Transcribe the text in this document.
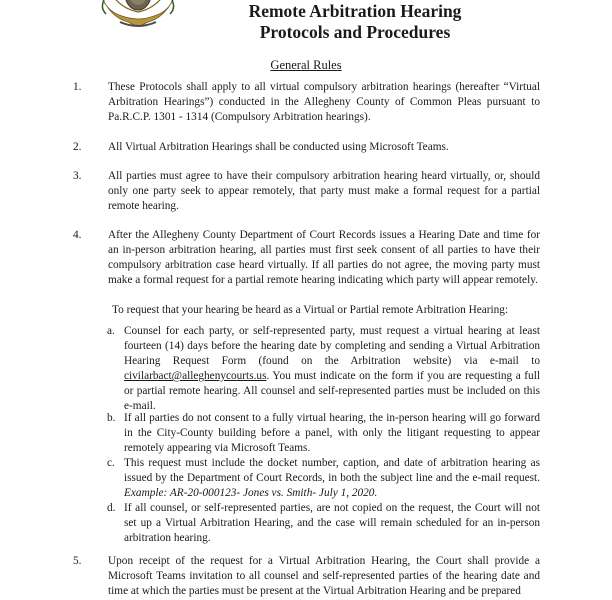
Remote Arbitration Hearing
Protocols and Procedures
General Rules
1. These Protocols shall apply to all virtual compulsory arbitration hearings (hereafter “Virtual Arbitration Hearings”) conducted in the Allegheny County of Common Pleas pursuant to Pa.R.C.P. 1301 - 1314 (Compulsory Arbitration hearings).

2. All Virtual Arbitration Hearings shall be conducted using Microsoft Teams.

3. All parties must agree to have their compulsory arbitration hearing heard virtually, or, should only one party seek to appear remotely, that party must make a formal request for a partial remote hearing.

4. After the Allegheny County Department of Court Records issues a Hearing Date and time for an in-person arbitration hearing, all parties must first seek consent of all parties to have their compulsory arbitration case heard virtually. If all parties do not agree, the moving party must make a formal request for a partial remote hearing indicating which party will appear remotely.

To request that your hearing be heard as a Virtual or Partial remote Arbitration Hearing:

a. Counsel for each party, or self-represented party, must request a virtual hearing at least fourteen (14) days before the hearing date by completing and sending a Virtual Arbitration Hearing Request Form (found on the Arbitration website) via e-mail to civilarbact@alleghenycourts.us. You must indicate on the form if you are requesting a full or partial remote hearing. All counsel and self-represented parties must be included on this e-mail.

b. If all parties do not consent to a fully virtual hearing, the in-person hearing will go forward in the City-County building before a panel, with only the litigant requesting to appear remotely appearing via Microsoft Teams.

c. This request must include the docket number, caption, and date of arbitration hearing as issued by the Department of Court Records, in both the subject line and the e-mail request. Example: AR-20-000123- Jones vs. Smith- July 1, 2020.

d. If all counsel, or self-represented parties, are not copied on the request, the Court will not set up a Virtual Arbitration Hearing, and the case will remain scheduled for an in-person arbitration hearing.

5. Upon receipt of the request for a Virtual Arbitration Hearing, the Court shall provide a Microsoft Teams invitation to all counsel and self-represented parties of the hearing date and time at which the parties must be present at the Virtual Arbitration Hearing and be prepared
